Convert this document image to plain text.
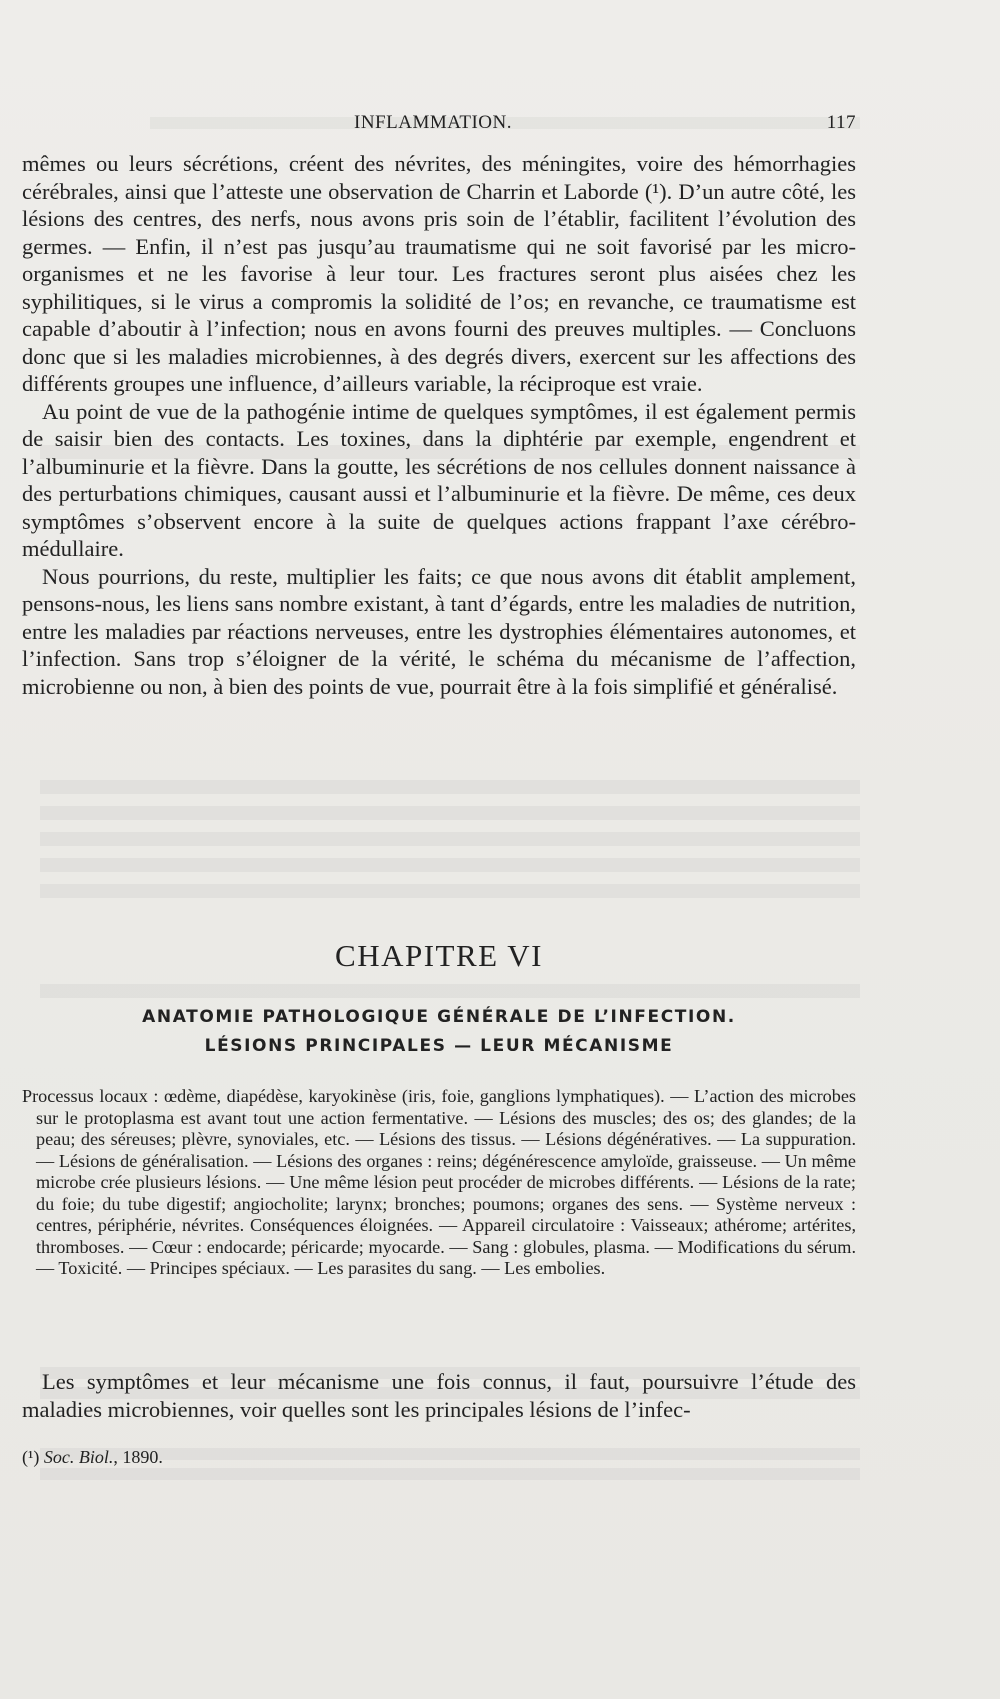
INFLAMMATION.	117

mêmes ou leurs sécrétions, créent des névrites, des méningites, voire des hémorrhagies cérébrales, ainsi que l’atteste une observation de Charrin et Laborde (¹). D’un autre côté, les lésions des centres, des nerfs, nous avons pris soin de l’établir, facilitent l’évolution des germes. — Enfin, il n’est pas jusqu’au traumatisme qui ne soit favorisé par les micro-organismes et ne les favorise à leur tour. Les fractures seront plus aisées chez les syphilitiques, si le virus a compromis la solidité de l’os; en revanche, ce traumatisme est capable d’aboutir à l’infection; nous en avons fourni des preuves multiples. — Concluons donc que si les maladies microbiennes, à des degrés divers, exercent sur les affections des différents groupes une influence, d’ailleurs variable, la réciproque est vraie.

Au point de vue de la pathogénie intime de quelques symptômes, il est également permis de saisir bien des contacts. Les toxines, dans la diphtérie par exemple, engendrent et l’albuminurie et la fièvre. Dans la goutte, les sécrétions de nos cellules donnent naissance à des perturbations chimiques, causant aussi et l’albuminurie et la fièvre. De même, ces deux symptômes s’observent encore à la suite de quelques actions frappant l’axe cérébro-médullaire.

Nous pourrions, du reste, multiplier les faits; ce que nous avons dit établit amplement, pensons-nous, les liens sans nombre existant, à tant d’égards, entre les maladies de nutrition, entre les maladies par réactions nerveuses, entre les dystrophies élémentaires autonomes, et l’infection. Sans trop s’éloigner de la vérité, le schéma du mécanisme de l’affection, microbienne ou non, à bien des points de vue, pourrait être à la fois simplifié et généralisé.

CHAPITRE VI
ANATOMIE PATHOLOGIQUE GÉNÉRALE DE L’INFECTION.
LÉSIONS PRINCIPALES — LEUR MÉCANISME

Processus locaux : œdème, diapédèse, karyokinèse (iris, foie, ganglions lymphatiques). — L’action des microbes sur le protoplasma est avant tout une action fermentative. — Lésions des muscles; des os; des glandes; de la peau; des séreuses; plèvre, synoviales, etc. — Lésions des tissus. — Lésions dégénératives. — La suppuration. — Lésions de généralisation. — Lésions des organes : reins; dégénérescence amyloïde, graisseuse. — Un même microbe crée plusieurs lésions. — Une même lésion peut procéder de microbes différents. — Lésions de la rate; du foie; du tube digestif; angiocholite; larynx; bronches; poumons; organes des sens. — Système nerveux : centres, périphérie, névrites. Conséquences éloignées. — Appareil circulatoire : Vaisseaux; athérome; artérites, thromboses. — Cœur : endocarde; péricarde; myocarde. — Sang : globules, plasma. — Modifications du sérum. — Toxicité. — Principes spéciaux. — Les parasites du sang. — Les embolies.

Les symptômes et leur mécanisme une fois connus, il faut, poursuivre l’étude des maladies microbiennes, voir quelles sont les principales lésions de l’infec-

(¹) Soc. Biol., 1890.
